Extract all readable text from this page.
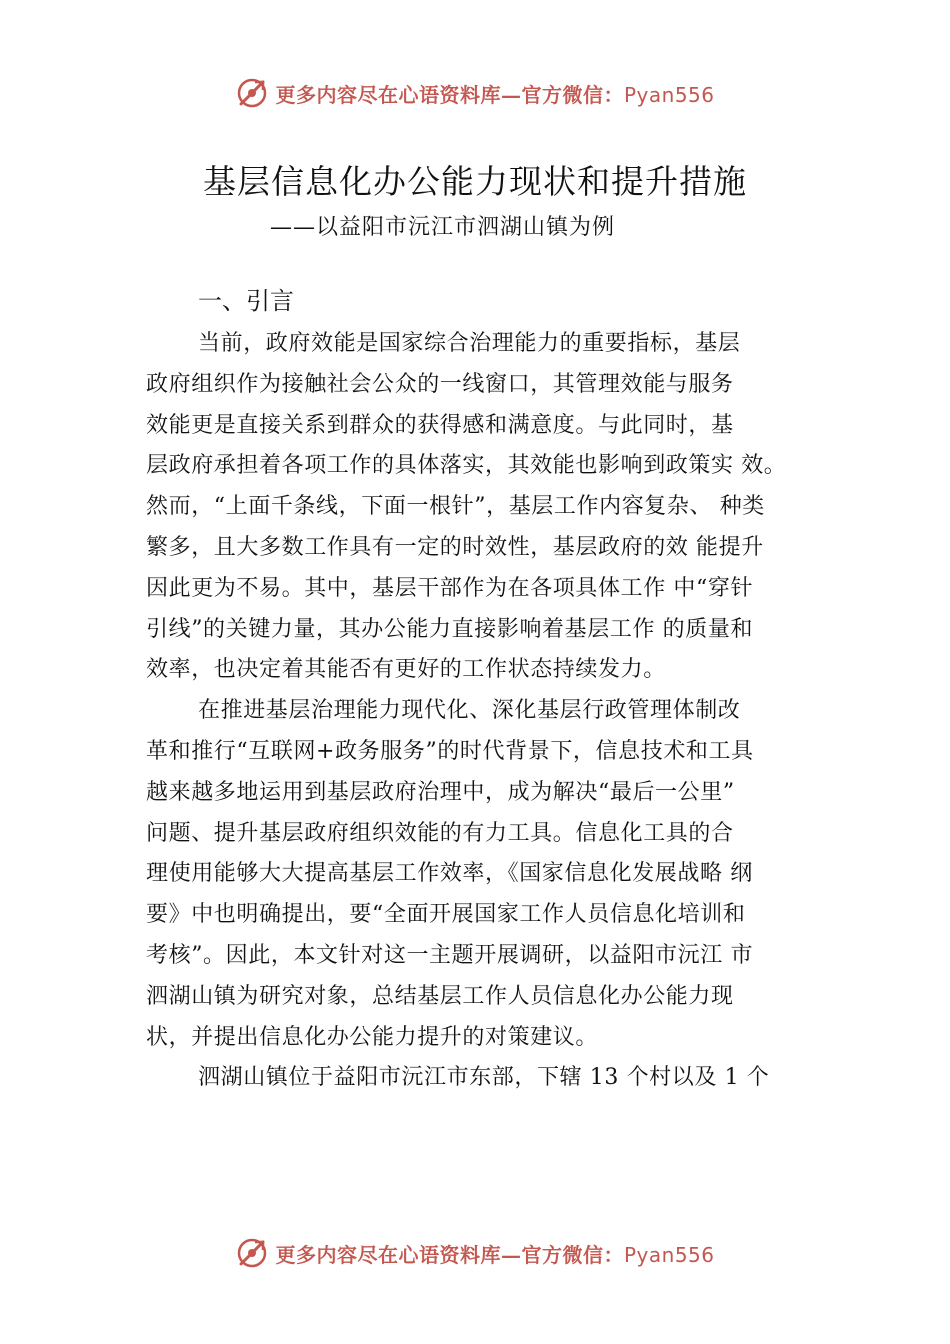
更多内容尽在心语资料库—官方微信：Pyan556
基层信息化办公能力现状和提升措施

——以益阳市沅江市泗湖山镇为例

一、引言
当前，政府效能是国家综合治理能力的重要指标，基层
政府组织作为接触社会公众的一线窗口，其管理效能与服务
效能更是直接关系到群众的获得感和满意度。与此同时，基
层政府承担着各项工作的具体落实，其效能也影响到政策实 效。
然而，“上面千条线，下面一根针”，基层工作内容复杂、 种类
繁多，且大多数工作具有一定的时效性，基层政府的效 能提升
因此更为不易。其中，基层干部作为在各项具体工作 中“穿针
引线”的关键力量，其办公能力直接影响着基层工作 的质量和
效率，也决定着其能否有更好的工作状态持续发力。
在推进基层治理能力现代化、深化基层行政管理体制改
革和推行“互联网+政务服务”的时代背景下，信息技术和工具
越来越多地运用到基层政府治理中，成为解决“最后一公里”
问题、提升基层政府组织效能的有力工具。信息化工具的合
理使用能够大大提高基层工作效率，《国家信息化发展战略 纲
要》中也明确提出，要“全面开展国家工作人员信息化培训和
考核”。因此，本文针对这一主题开展调研，以益阳市沅江 市
泗湖山镇为研究对象，总结基层工作人员信息化办公能力现
状，并提出信息化办公能力提升的对策建议。
泗湖山镇位于益阳市沅江市东部，下辖 13 个村以及 1 个
更多内容尽在心语资料库—官方微信：Pyan556
